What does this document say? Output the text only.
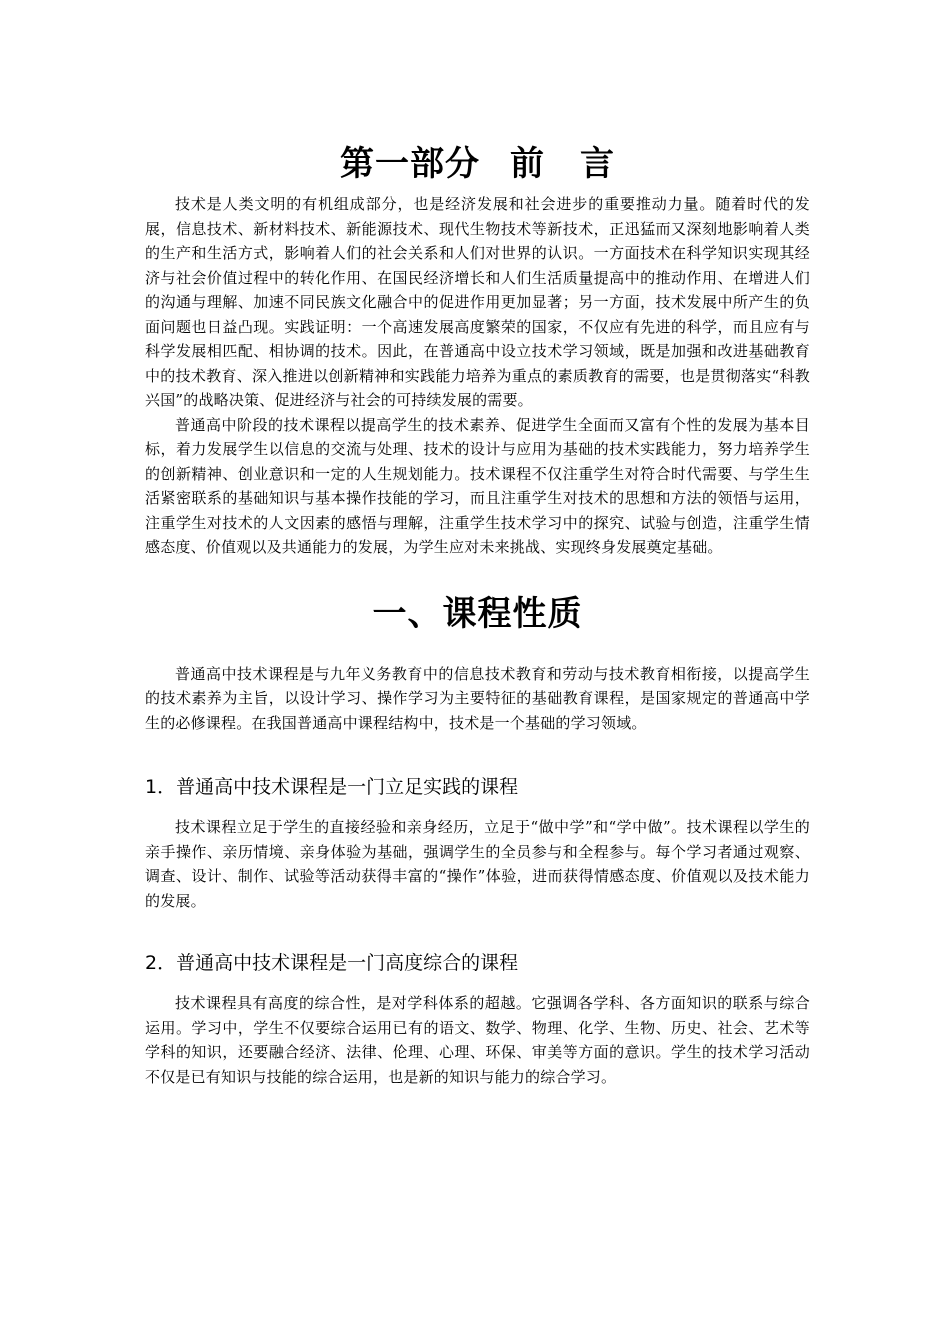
第一部分 前　言

技术是人类文明的有机组成部分，也是经济发展和社会进步的重要推动力量。随着时代的发展，信息技术、新材料技术、新能源技术、现代生物技术等新技术，正迅猛而又深刻地影响着人类的生产和生活方式，影响着人们的社会关系和人们对世界的认识。一方面技术在科学知识实现其经济与社会价值过程中的转化作用、在国民经济增长和人们生活质量提高中的推动作用、在增进人们的沟通与理解、加速不同民族文化融合中的促进作用更加显著；另一方面，技术发展中所产生的负面问题也日益凸现。实践证明：一个高速发展高度繁荣的国家，不仅应有先进的科学，而且应有与科学发展相匹配、相协调的技术。因此，在普通高中设立技术学习领域，既是加强和改进基础教育中的技术教育、深入推进以创新精神和实践能力培养为重点的素质教育的需要，也是贯彻落实“科教兴国”的战略决策、促进经济与社会的可持续发展的需要。

普通高中阶段的技术课程以提高学生的技术素养、促进学生全面而又富有个性的发展为基本目标，着力发展学生以信息的交流与处理、技术的设计与应用为基础的技术实践能力，努力培养学生的创新精神、创业意识和一定的人生规划能力。技术课程不仅注重学生对符合时代需要、与学生生活紧密联系的基础知识与基本操作技能的学习，而且注重学生对技术的思想和方法的领悟与运用，注重学生对技术的人文因素的感悟与理解，注重学生技术学习中的探究、试验与创造，注重学生情感态度、价值观以及共通能力的发展，为学生应对未来挑战、实现终身发展奠定基础。

一、课程性质

普通高中技术课程是与九年义务教育中的信息技术教育和劳动与技术教育相衔接，以提高学生的技术素养为主旨，以设计学习、操作学习为主要特征的基础教育课程，是国家规定的普通高中学生的必修课程。在我国普通高中课程结构中，技术是一个基础的学习领域。

1．普通高中技术课程是一门立足实践的课程

技术课程立足于学生的直接经验和亲身经历，立足于“做中学”和“学中做”。技术课程以学生的亲手操作、亲历情境、亲身体验为基础，强调学生的全员参与和全程参与。每个学习者通过观察、调查、设计、制作、试验等活动获得丰富的“操作”体验，进而获得情感态度、价值观以及技术能力的发展。

2．普通高中技术课程是一门高度综合的课程

技术课程具有高度的综合性，是对学科体系的超越。它强调各学科、各方面知识的联系与综合运用。学习中，学生不仅要综合运用已有的语文、数学、物理、化学、生物、历史、社会、艺术等学科的知识，还要融合经济、法律、伦理、心理、环保、审美等方面的意识。学生的技术学习活动不仅是已有知识与技能的综合运用，也是新的知识与能力的综合学习。
